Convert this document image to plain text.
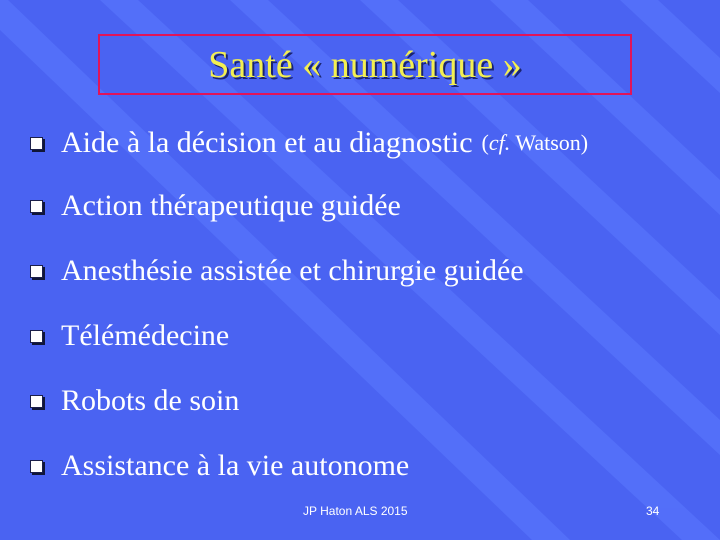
Santé « numérique »
Aide à la décision et au diagnostic (cf. Watson)
Action thérapeutique guidée
Anesthésie assistée et chirurgie guidée
Télémédecine
Robots de soin
Assistance à la vie autonome
JP Haton ALS 2015	34
